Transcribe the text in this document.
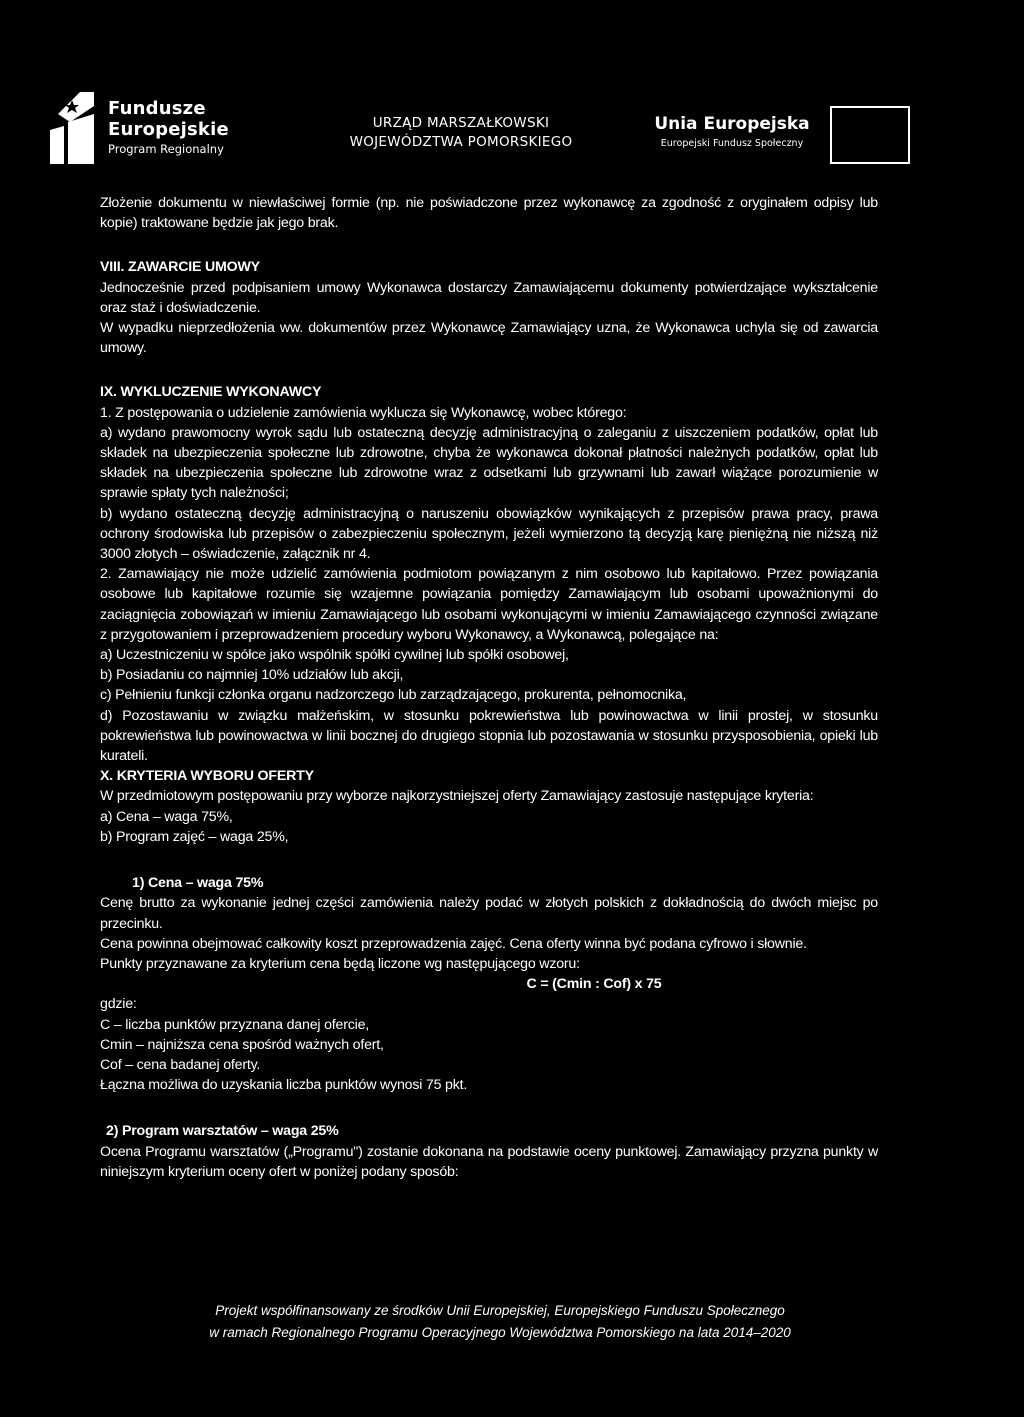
Fundusze
Europejskie
Program Regionalny
URZĄD MARSZAŁKOWSKI
WOJEWÓDZTWA POMORSKIEGO
Unia Europejska
Europejski Fundusz Społeczny

Złożenie dokumentu w niewłaściwej formie (np. nie poświadczone przez wykonawcę za zgodność z oryginałem odpisy lub kopie) traktowane będzie jak jego brak.

VIII. ZAWARCIE UMOWY

Jednocześnie przed podpisaniem umowy Wykonawca dostarczy Zamawiającemu dokumenty potwierdzające wykształcenie oraz staż i doświadczenie.

W wypadku nieprzedłożenia ww. dokumentów przez Wykonawcę Zamawiający uzna, że Wykonawca uchyla się od zawarcia umowy.

IX. WYKLUCZENIE WYKONAWCY

1. Z postępowania o udzielenie zamówienia wyklucza się Wykonawcę, wobec którego:

a) wydano prawomocny wyrok sądu lub ostateczną decyzję administracyjną o zaleganiu z uiszczeniem podatków, opłat lub składek na ubezpieczenia społeczne lub zdrowotne, chyba że wykonawca dokonał płatności należnych podatków, opłat lub składek na ubezpieczenia społeczne lub zdrowotne wraz z odsetkami lub grzywnami lub zawarł wiążące porozumienie w sprawie spłaty tych należności;

b) wydano ostateczną decyzję administracyjną o naruszeniu obowiązków wynikających z przepisów prawa pracy, prawa ochrony środowiska lub przepisów o zabezpieczeniu społecznym, jeżeli wymierzono tą decyzją karę pieniężną nie niższą niż 3000 złotych – oświadczenie, załącznik nr 4.

2. Zamawiający nie może udzielić zamówienia podmiotom powiązanym z nim osobowo lub kapitałowo. Przez powiązania osobowe lub kapitałowe rozumie się wzajemne powiązania pomiędzy Zamawiającym lub osobami upoważnionymi do zaciągnięcia zobowiązań w imieniu Zamawiającego lub osobami wykonującymi w imieniu Zamawiającego czynności związane z przygotowaniem i przeprowadzeniem procedury wyboru Wykonawcy, a Wykonawcą, polegające na:

a) Uczestniczeniu w spółce jako wspólnik spółki cywilnej lub spółki osobowej,

b) Posiadaniu co najmniej 10% udziałów lub akcji,

c) Pełnieniu funkcji członka organu nadzorczego lub zarządzającego, prokurenta, pełnomocnika,

d) Pozostawaniu w związku małżeńskim, w stosunku pokrewieństwa lub powinowactwa w linii prostej, w stosunku pokrewieństwa lub powinowactwa w linii bocznej do drugiego stopnia lub pozostawania w stosunku przysposobienia, opieki lub kurateli.

X. KRYTERIA WYBORU OFERTY

W przedmiotowym postępowaniu przy wyborze najkorzystniejszej oferty Zamawiający zastosuje następujące kryteria:

a) Cena – waga 75%,

b) Program zajęć – waga 25%,

1) Cena – waga 75%

Cenę brutto za wykonanie jednej części zamówienia należy podać w złotych polskich z dokładnością do dwóch miejsc po przecinku.

Cena powinna obejmować całkowity koszt przeprowadzenia zajęć. Cena oferty winna być podana cyfrowo i słownie.

Punkty przyznawane za kryterium cena będą liczone wg następującego wzoru:

C = (Cmin : Cof) x 75

gdzie:

C – liczba punktów przyznana danej ofercie,

Cmin – najniższa cena spośród ważnych ofert,

Cof – cena badanej oferty.

Łączna możliwa do uzyskania liczba punktów wynosi 75 pkt.

2) Program warsztatów – waga 25%

Ocena Programu warsztatów („Programu") zostanie dokonana na podstawie oceny punktowej. Zamawiający przyzna punkty w niniejszym kryterium oceny ofert w poniżej podany sposób:

Projekt współfinansowany ze środków Unii Europejskiej, Europejskiego Funduszu Społecznego

w ramach Regionalnego Programu Operacyjnego Województwa Pomorskiego na lata 2014–2020
